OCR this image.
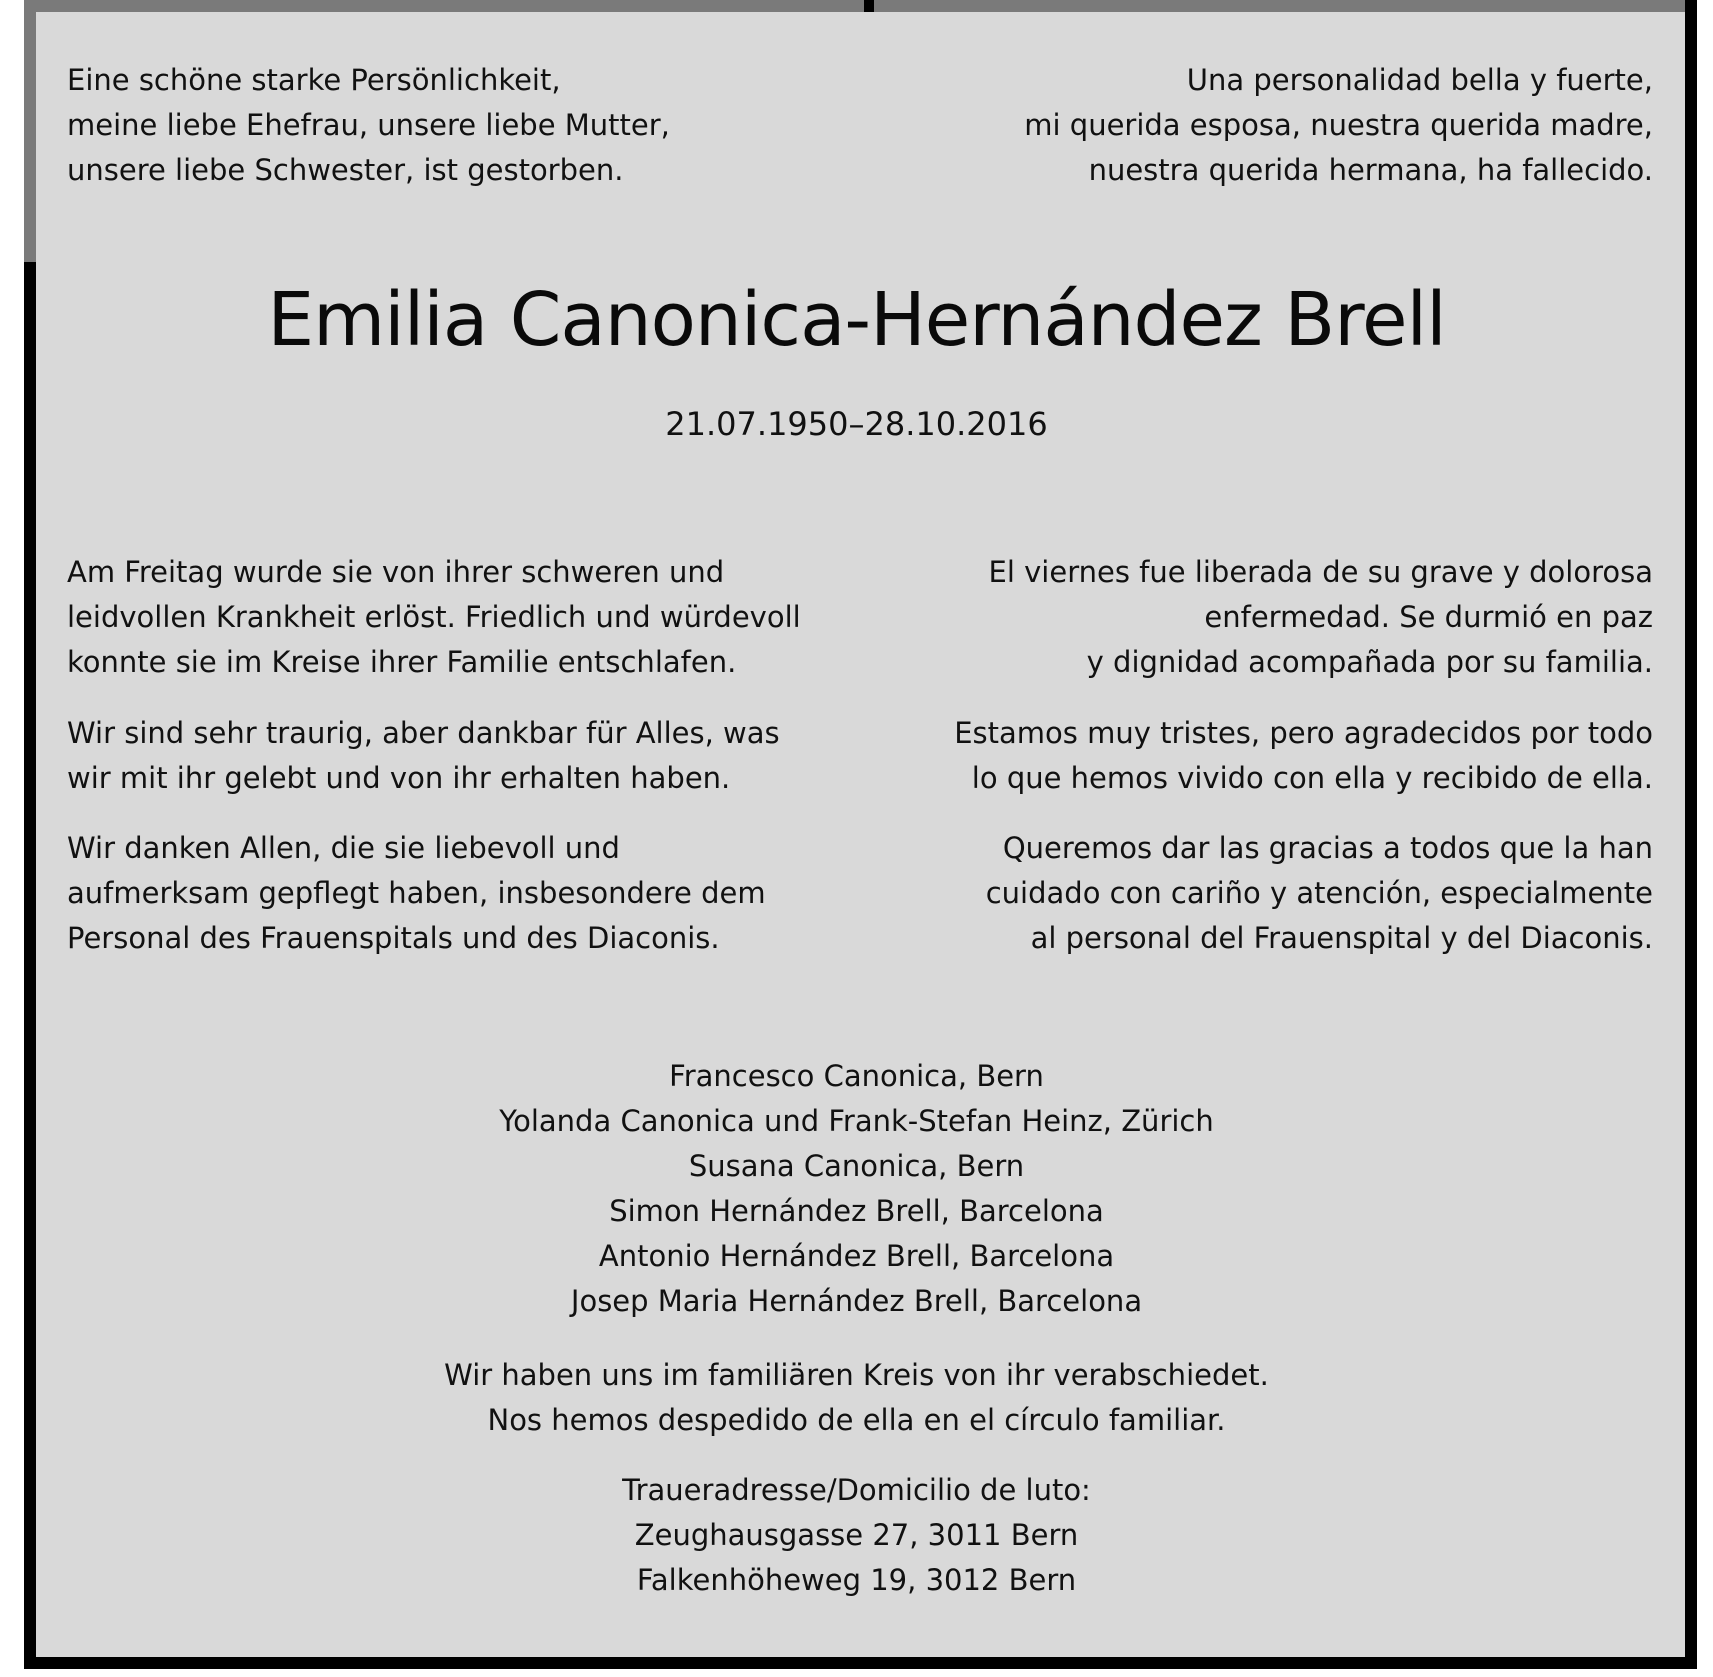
Eine schöne starke Persönlichkeit,
meine liebe Ehefrau, unsere liebe Mutter,
unsere liebe Schwester, ist gestorben.
Una personalidad bella y fuerte,
mi querida esposa, nuestra querida madre,
nuestra querida hermana, ha fallecido.
Emilia Canonica-Hernández Brell
21.07.1950–28.10.2016
Am Freitag wurde sie von ihrer schweren und
leidvollen Krankheit erlöst. Friedlich und würdevoll
konnte sie im Kreise ihrer Familie entschlafen.
Wir sind sehr traurig, aber dankbar für Alles, was
wir mit ihr gelebt und von ihr erhalten haben.
Wir danken Allen, die sie liebevoll und
aufmerksam gepflegt haben, insbesondere dem
Personal des Frauenspitals und des Diaconis.
El viernes fue liberada de su grave y dolorosa
enfermedad. Se durmió en paz
y dignidad acompañada por su familia.
Estamos muy tristes, pero agradecidos por todo
lo que hemos vivido con ella y recibido de ella.
Queremos dar las gracias a todos que la han
cuidado con cariño y atención, especialmente
al personal del Frauenspital y del Diaconis.
Francesco Canonica, Bern
Yolanda Canonica und Frank-Stefan Heinz, Zürich
Susana Canonica, Bern
Simon Hernández Brell, Barcelona
Antonio Hernández Brell, Barcelona
Josep Maria Hernández Brell, Barcelona
Wir haben uns im familiären Kreis von ihr verabschiedet.
Nos hemos despedido de ella en el círculo familiar.
Traueradresse/Domicilio de luto:
Zeughausgasse 27, 3011 Bern
Falkenhöheweg 19, 3012 Bern
